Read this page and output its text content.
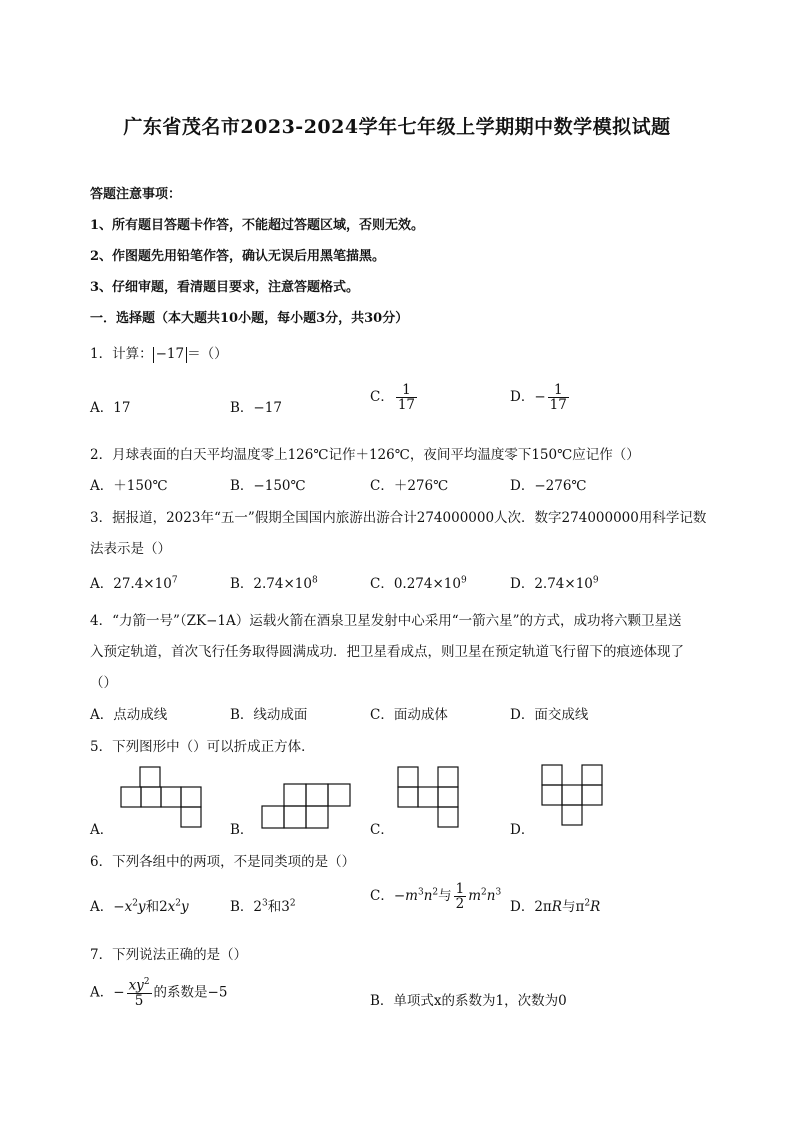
广东省茂名市2023-2024学年七年级上学期期中数学模拟试题
答题注意事项：
1、所有题目答题卡作答，不能超过答题区域，否则无效。
2、作图题先用铅笔作答，确认无误后用黑笔描黑。
3、仔细审题，看清题目要求，注意答题格式。
一．选择题（本大题共10小题，每小题3分，共30分）
1．计算： −17 ＝（）
A．17	B．−17
C． $\frac{1}{17}$	D．− $\frac{1}{17}$
2．月球表面的白天平均温度零上126℃记作＋126℃，夜间平均温度零下150℃应记作（）
A．＋150℃	B．−150℃	C．＋276℃	D．−276℃
3．据报道，2023年“五一”假期全国国内旅游出游合计274000000人次．数字274000000用科学记数
法表示是（）
A．$27.4\times 10^7$	B．$2.74\times 10^8$	C．$0.274\times 10^9$	D．$2.74\times 10^9$
4．“力箭一号”（ZK−1A）运载火箭在酒泉卫星发射中心采用“一箭六星”的方式，成功将六颗卫星送
入预定轨道，首次飞行任务取得圆满成功．把卫星看成点，则卫星在预定轨道飞行留下的痕迹体现了
（）
A．点动成线	B．线动成面	C．面动成体	D．面交成线
5．下列图形中（）可以折成正方体．
A．	B．	C．	D．
6．下列各组中的两项，不是同类项的是（）
A．$-x^2y$和$2x^2y$	B．$2^3$和$3^2$	C．$-m^3n^2$与 $\frac{1}{2} m^2n^3$
D．2πR与$\pi^2R$
7．下列说法正确的是（）
A．− $\frac{xy^2}{5}$ 的系数是−5
B．单项式x的系数为1，次数为0
